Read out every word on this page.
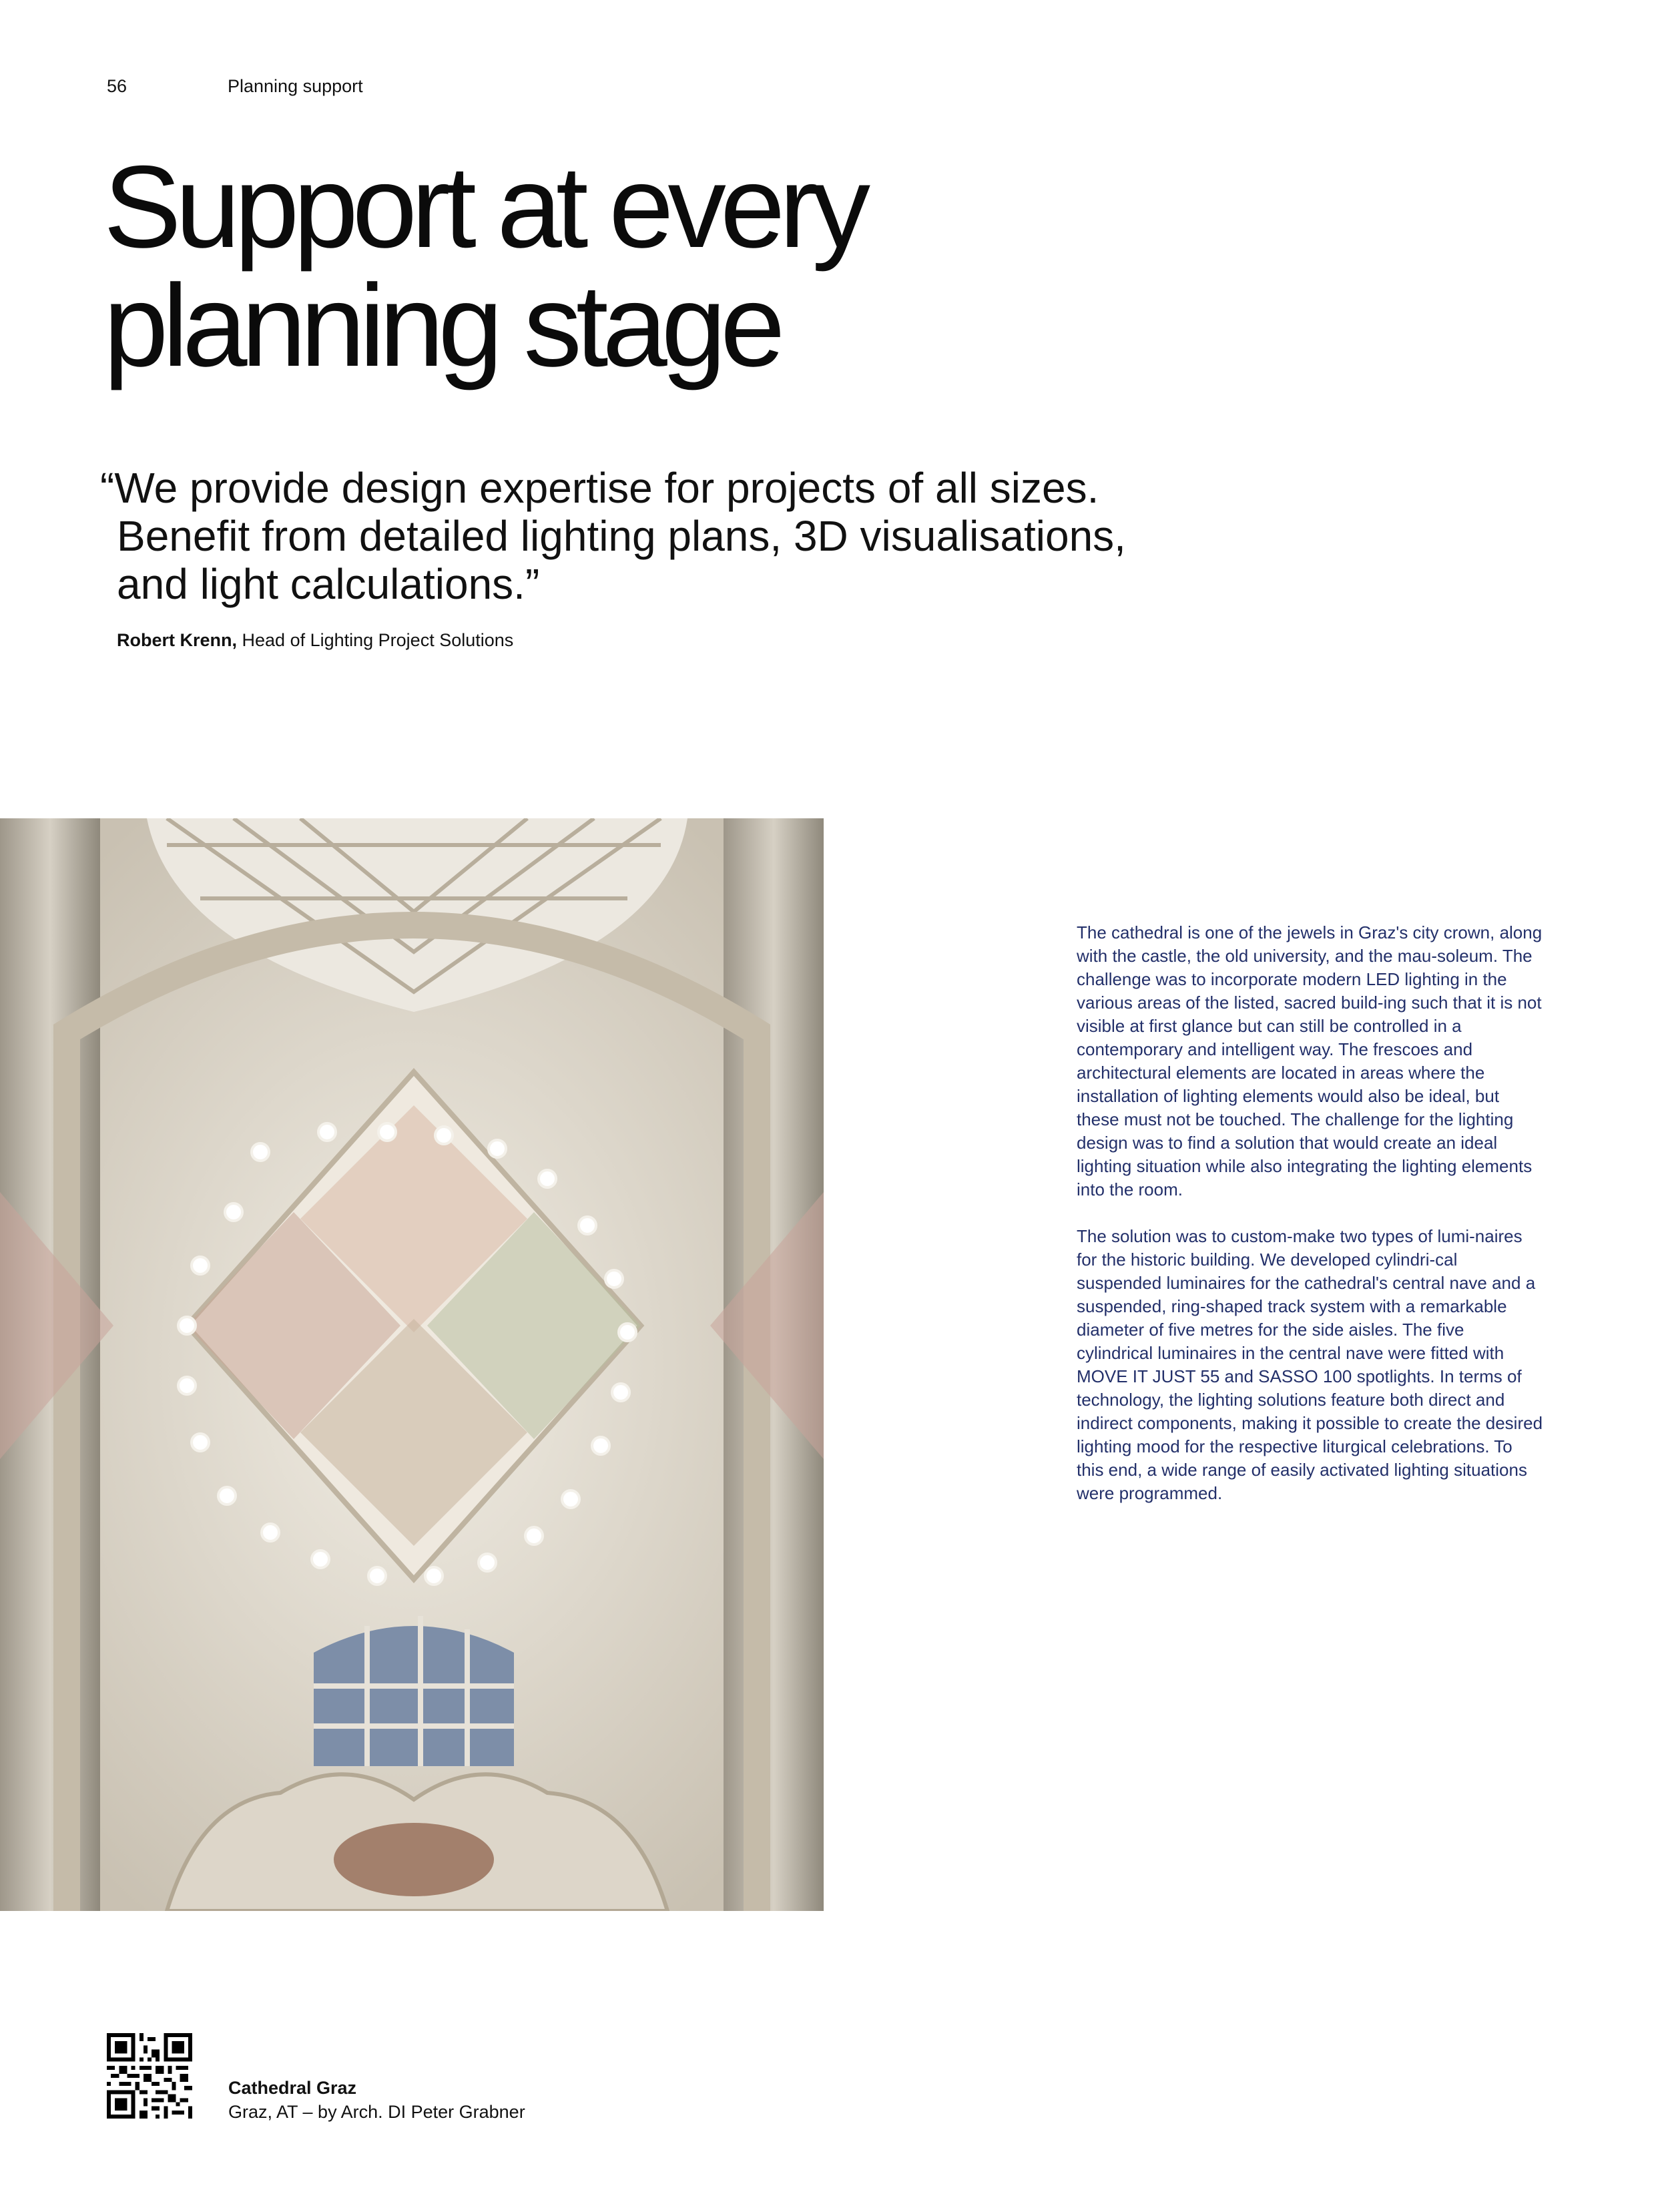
56	Planning support
Support at every
planning stage
“We provide design expertise for projects of all sizes.
Benefit from detailed lighting plans, 3D visualisations,
and light calculations.”
Robert Krenn, Head of Lighting Project Solutions

The cathedral is one of the jewels in Graz's city crown, along with the castle, the old university, and the mau-soleum. The challenge was to incorporate modern LED lighting in the various areas of the listed, sacred build-ing such that it is not visible at first glance but can still be controlled in a contemporary and intelligent way. The frescoes and architectural elements are located in areas where the installation of lighting elements would also be ideal, but these must not be touched. The challenge for the lighting design was to find a solution that would create an ideal lighting situation while also integrating the lighting elements into the room.

The solution was to custom-make two types of lumi-naires for the historic building. We developed cylindri-cal suspended luminaires for the cathedral's central nave and a suspended, ring-shaped track system with a remarkable diameter of five metres for the side aisles. The five cylindrical luminaires in the central nave were fitted with MOVE IT JUST 55 and SASSO 100 spotlights. In terms of technology, the lighting solutions feature both direct and indirect components, making it possible to create the desired lighting mood for the respective liturgical celebrations. To this end, a wide range of easily activated lighting situations were programmed.

Cathedral Graz
Graz, AT – by Arch. DI Peter Grabner
